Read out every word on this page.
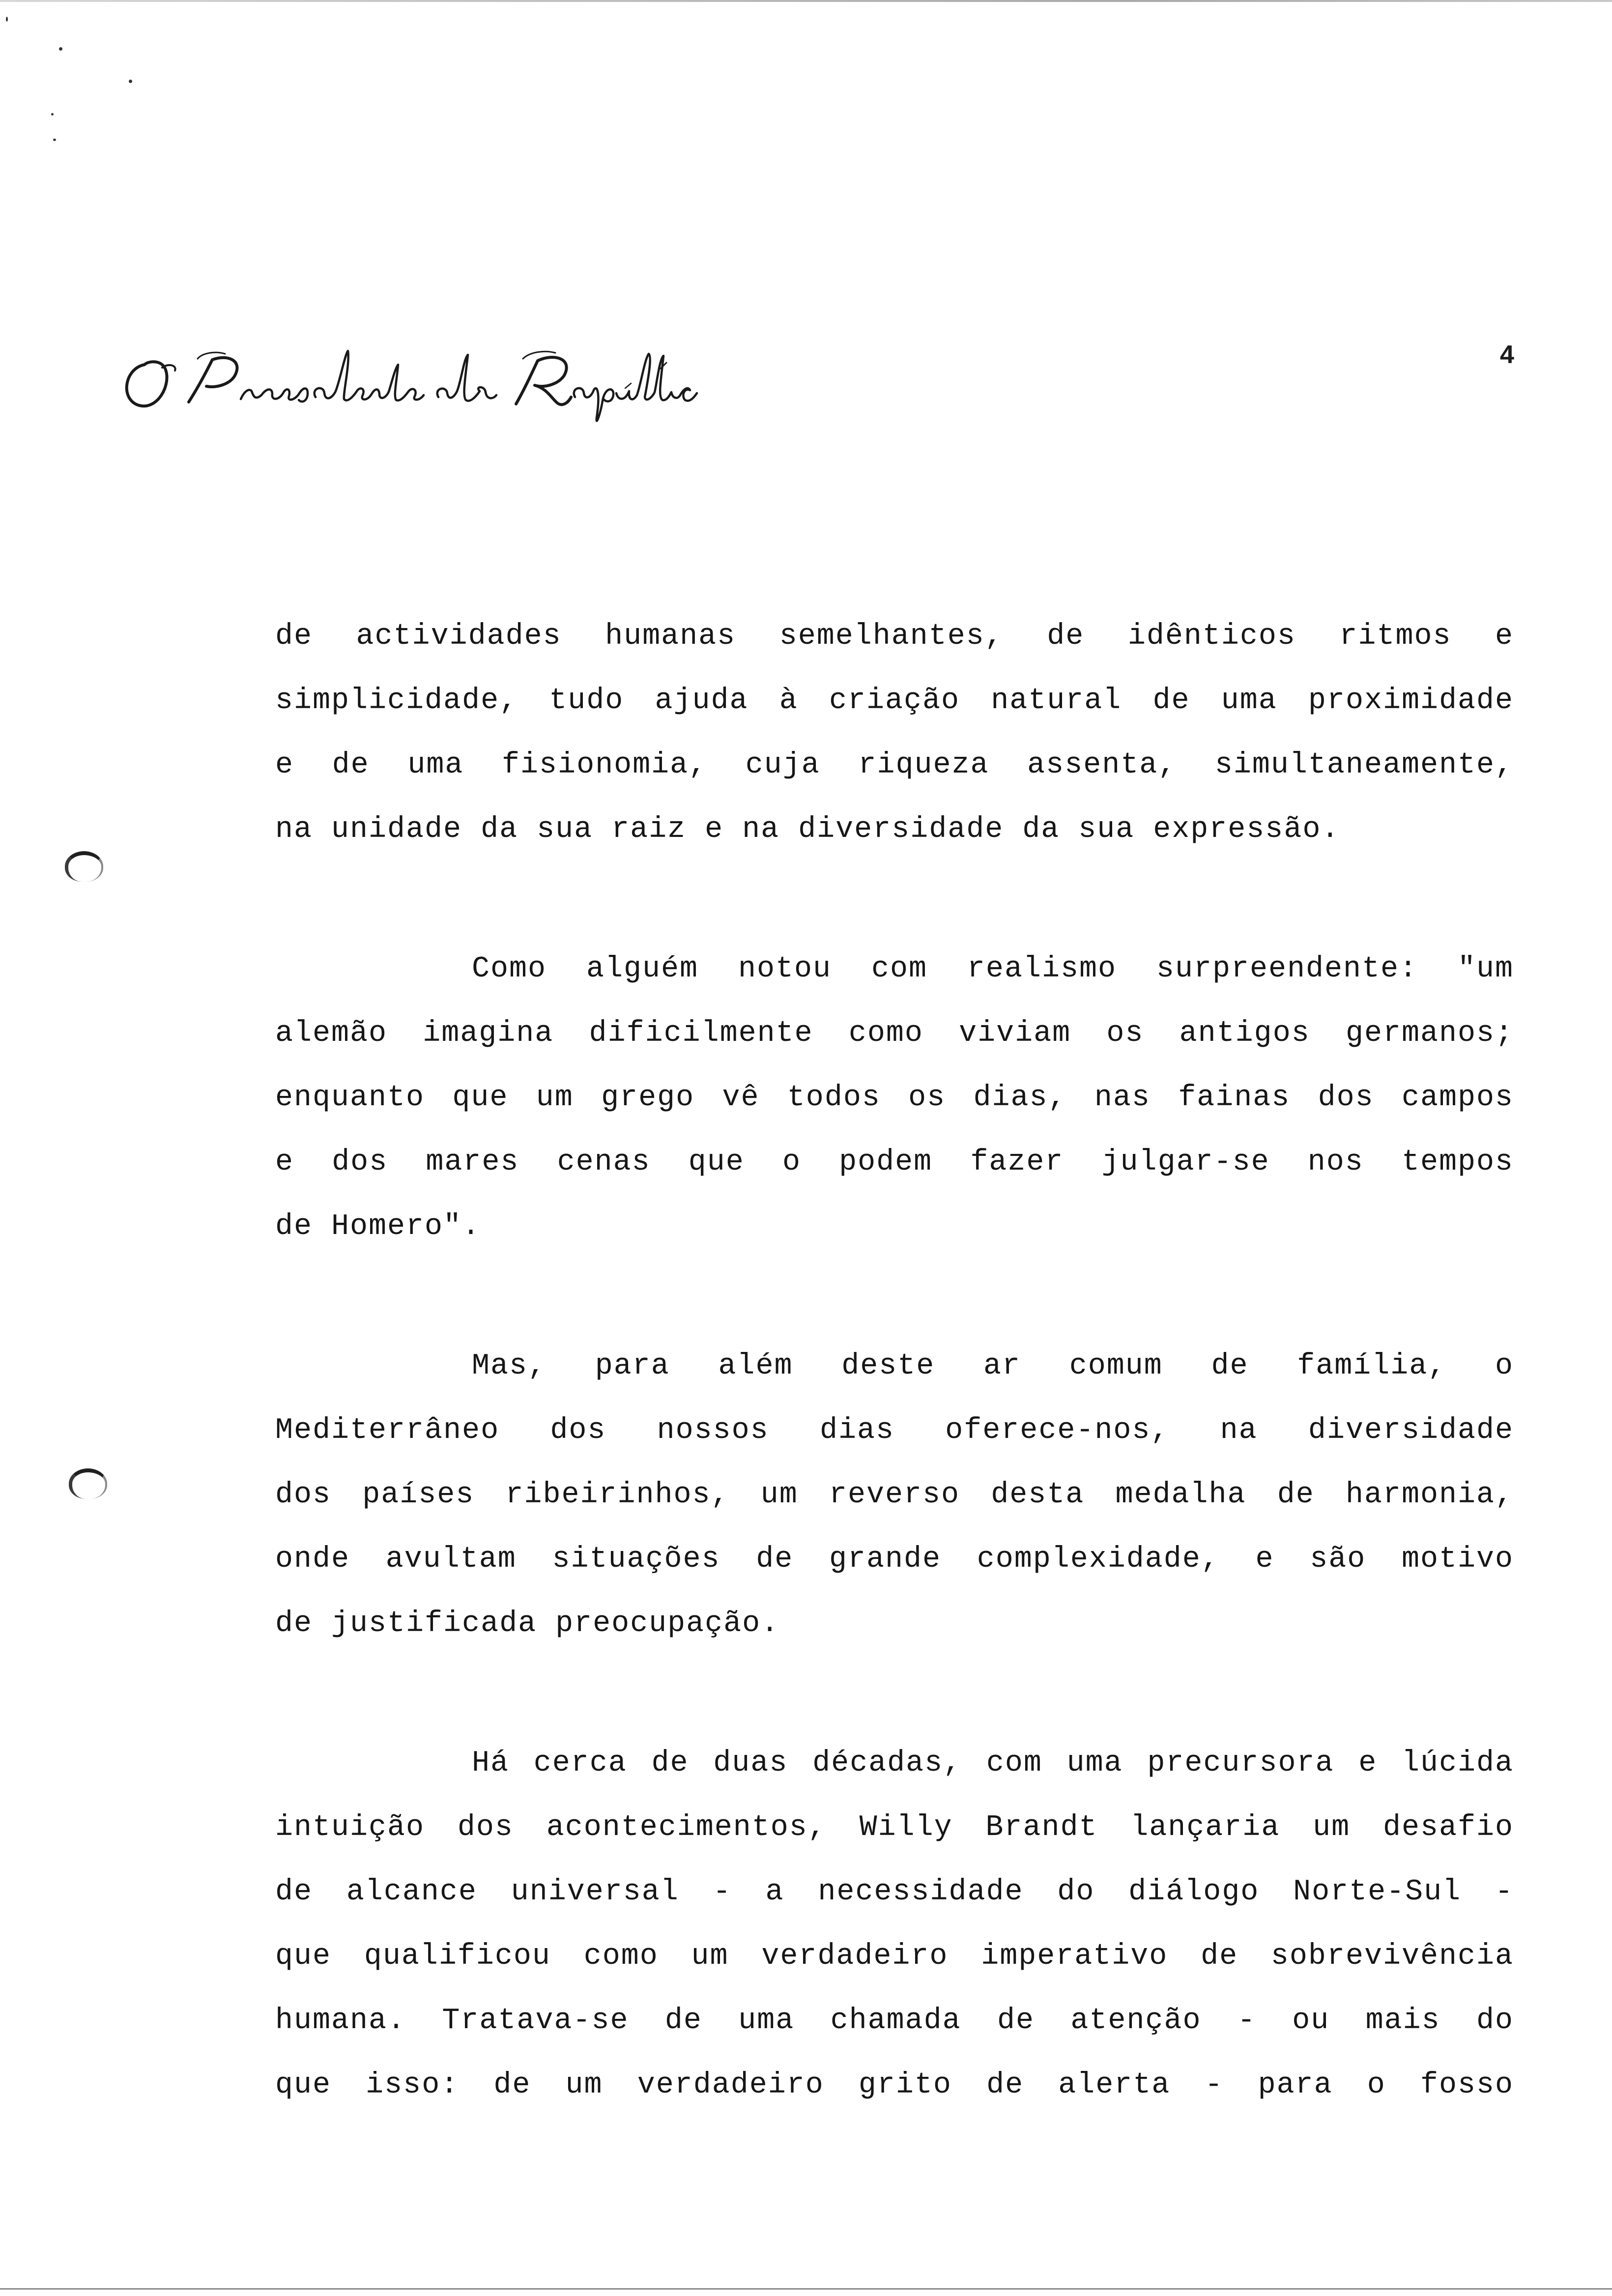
4
de actividades humanas semelhantes, de idênticos ritmos e
simplicidade, tudo ajuda à criação natural de uma proximidade
e de uma fisionomia, cuja riqueza assenta, simultaneamente,
na unidade da sua raiz e na diversidade da sua expressão.
Como alguém notou com realismo surpreendente: "um
alemão imagina dificilmente como viviam os antigos germanos;
enquanto que um grego vê todos os dias, nas fainas dos campos
e dos mares cenas que o podem fazer julgar-se nos tempos
de Homero".
Mas, para além deste ar comum de família, o
Mediterrâneo dos nossos dias oferece-nos, na diversidade
dos países ribeirinhos, um reverso desta medalha de harmonia,
onde avultam situações de grande complexidade, e são motivo
de justificada preocupação.
Há cerca de duas décadas, com uma precursora e lúcida
intuição dos acontecimentos, Willy Brandt lançaria um desafio
de alcance universal - a necessidade do diálogo Norte-Sul -
que qualificou como um verdadeiro imperativo de sobrevivência
humana. Tratava-se de uma chamada de atenção - ou mais do
que isso: de um verdadeiro grito de alerta - para o fosso
